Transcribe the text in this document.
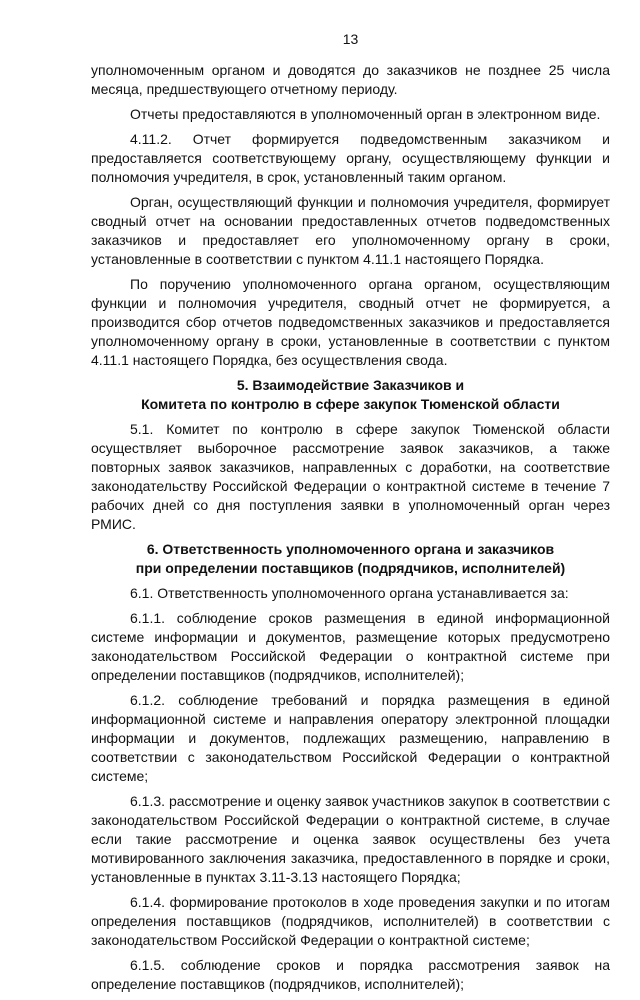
13

уполномоченным органом и доводятся до заказчиков не позднее 25 числа месяца, предшествующего отчетному периоду.

Отчеты предоставляются в уполномоченный орган в электронном виде.

4.11.2. Отчет формируется подведомственным заказчиком и предоставляется соответствующему органу, осуществляющему функции и полномочия учредителя, в срок, установленный таким органом.

Орган, осуществляющий функции и полномочия учредителя, формирует сводный отчет на основании предоставленных отчетов подведомственных заказчиков и предоставляет его уполномоченному органу в сроки, установленные в соответствии с пунктом 4.11.1 настоящего Порядка.

По поручению уполномоченного органа органом, осуществляющим функции и полномочия учредителя, сводный отчет не формируется, а производится сбор отчетов подведомственных заказчиков и предоставляется уполномоченному органу в сроки, установленные в соответствии с пунктом 4.11.1 настоящего Порядка, без осуществления свода.

5. Взаимодействие Заказчиков и
Комитета по контролю в сфере закупок Тюменской области

5.1. Комитет по контролю в сфере закупок Тюменской области осуществляет выборочное рассмотрение заявок заказчиков, а также повторных заявок заказчиков, направленных с доработки, на соответствие законодательству Российской Федерации о контрактной системе в течение 7 рабочих дней со дня поступления заявки в уполномоченный орган через РМИС.

6. Ответственность уполномоченного органа и заказчиков
при определении поставщиков (подрядчиков, исполнителей)

6.1. Ответственность уполномоченного органа устанавливается за:

6.1.1. соблюдение сроков размещения в единой информационной системе информации и документов, размещение которых предусмотрено законодательством Российской Федерации о контрактной системе при определении поставщиков (подрядчиков, исполнителей);

6.1.2. соблюдение требований и порядка размещения в единой информационной системе и направления оператору электронной площадки информации и документов, подлежащих размещению, направлению в соответствии с законодательством Российской Федерации о контрактной системе;

6.1.3. рассмотрение и оценку заявок участников закупок в соответствии с законодательством Российской Федерации о контрактной системе, в случае если такие рассмотрение и оценка заявок осуществлены без учета мотивированного заключения заказчика, предоставленного в порядке и сроки, установленные в пунктах 3.11-3.13 настоящего Порядка;

6.1.4. формирование протоколов в ходе проведения закупки и по итогам определения поставщиков (подрядчиков, исполнителей) в соответствии с законодательством Российской Федерации о контрактной системе;

6.1.5. соблюдение сроков и порядка рассмотрения заявок на определение поставщиков (подрядчиков, исполнителей);
